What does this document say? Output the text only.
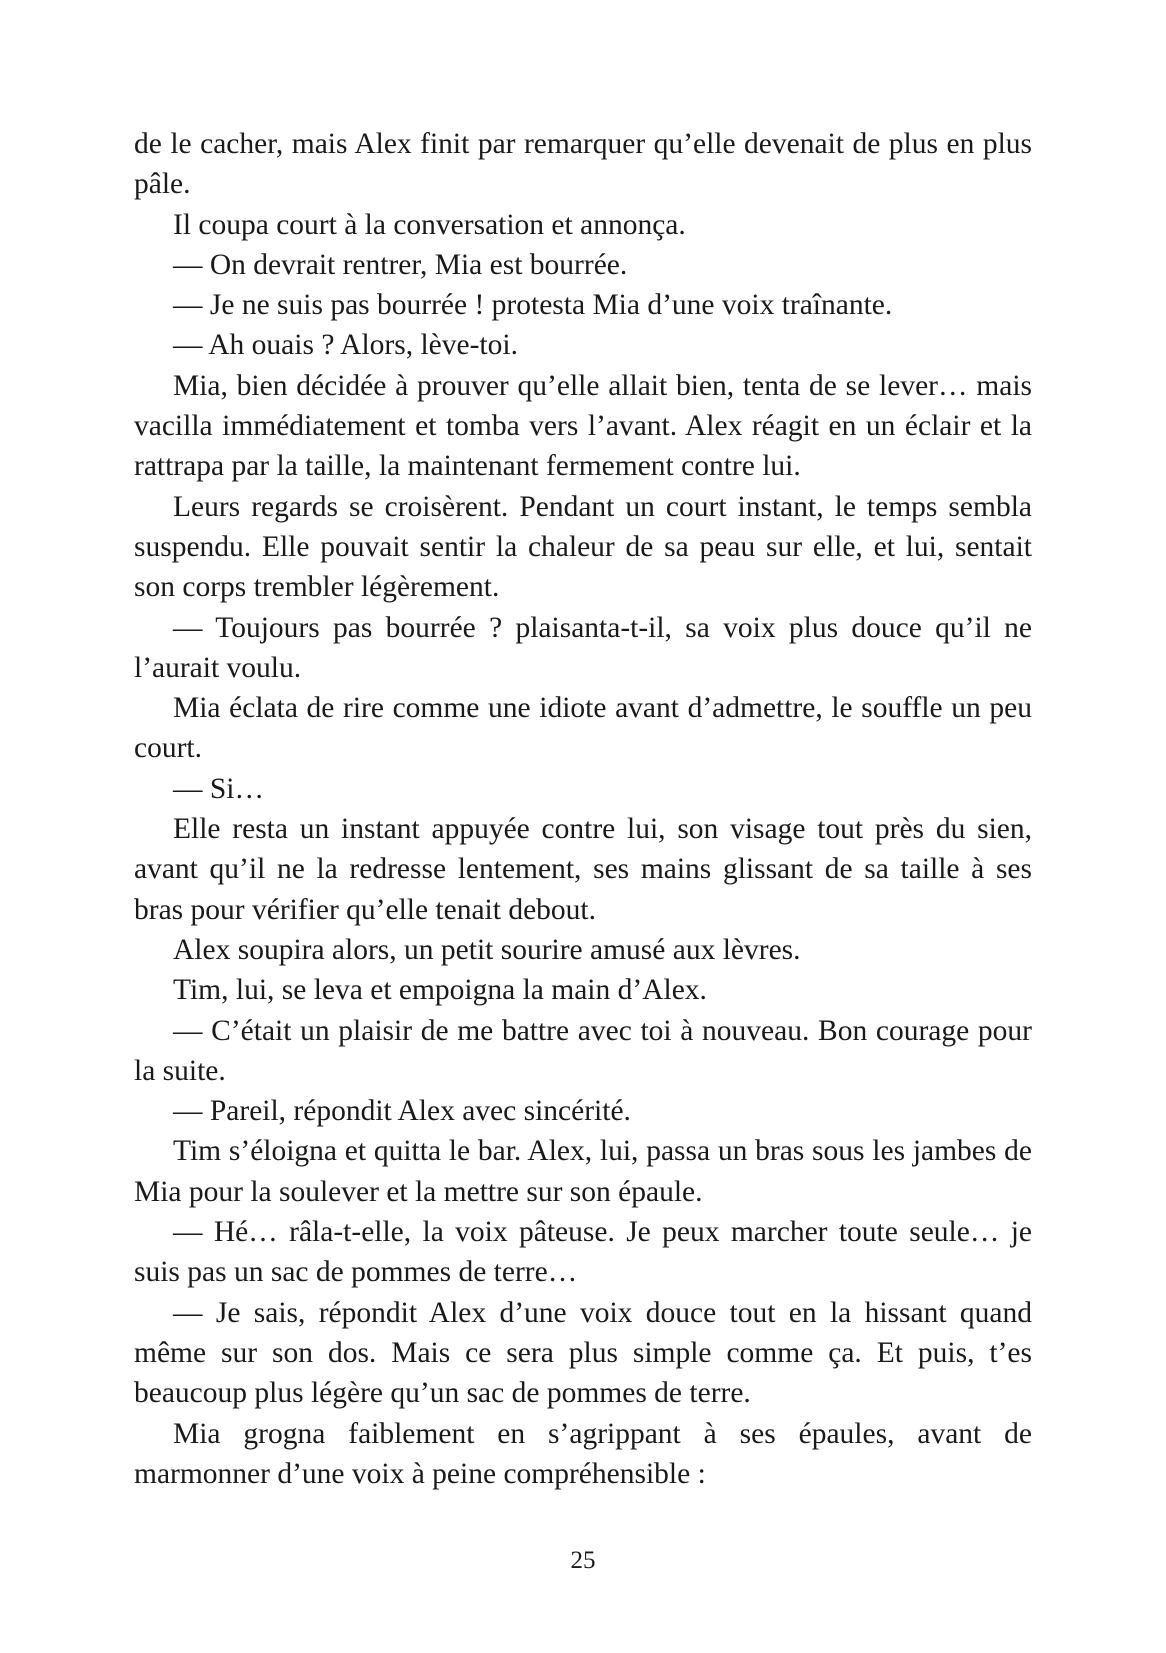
de le cacher, mais Alex finit par remarquer qu’elle devenait de plus en plus pâle.

Il coupa court à la conversation et annonça.

— On devrait rentrer, Mia est bourrée.

— Je ne suis pas bourrée ! protesta Mia d’une voix traînante.

— Ah ouais ? Alors, lève-toi.

Mia, bien décidée à prouver qu’elle allait bien, tenta de se lever… mais vacilla immédiatement et tomba vers l’avant. Alex réagit en un éclair et la rattrapa par la taille, la maintenant fermement contre lui.

Leurs regards se croisèrent. Pendant un court instant, le temps sembla suspendu. Elle pouvait sentir la chaleur de sa peau sur elle, et lui, sentait son corps trembler légèrement.

— Toujours pas bourrée ? plaisanta-t-il, sa voix plus douce qu’il ne l’aurait voulu.

Mia éclata de rire comme une idiote avant d’admettre, le souffle un peu court.

— Si…

Elle resta un instant appuyée contre lui, son visage tout près du sien, avant qu’il ne la redresse lentement, ses mains glissant de sa taille à ses bras pour vérifier qu’elle tenait debout.

Alex soupira alors, un petit sourire amusé aux lèvres.

Tim, lui, se leva et empoigna la main d’Alex.

— C’était un plaisir de me battre avec toi à nouveau. Bon courage pour la suite.

— Pareil, répondit Alex avec sincérité.

Tim s’éloigna et quitta le bar. Alex, lui, passa un bras sous les jambes de Mia pour la soulever et la mettre sur son épaule.

— Hé… râla-t-elle, la voix pâteuse. Je peux marcher toute seule… je suis pas un sac de pommes de terre…

— Je sais, répondit Alex d’une voix douce tout en la hissant quand même sur son dos. Mais ce sera plus simple comme ça. Et puis, t’es beaucoup plus légère qu’un sac de pommes de terre.

Mia grogna faiblement en s’agrippant à ses épaules, avant de marmonner d’une voix à peine compréhensible :

25
